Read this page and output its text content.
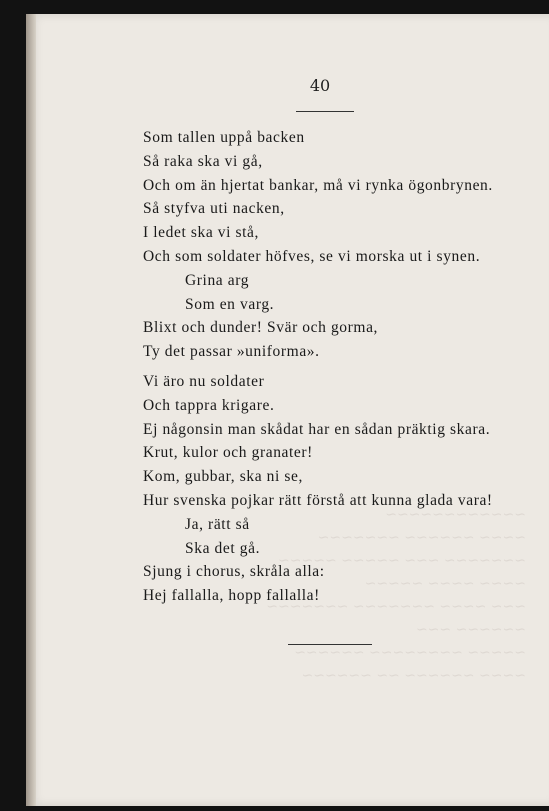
~~~~~~~~~~~~
~~~~ ~~~~~~ ~~~~~~~
~~~~~~~ ~~~ ~~~~~ ~~~~~
~~~~ ~~~~ ~~~~~
~~~ ~~~~ ~~~~~~~ ~~~~~~~
~~~~~~ ~~~
~~~~~ ~~~~~~~~ ~~~~~~
~~~~ ~~~~~~ ~~ ~~~~~~
40
Som tallen uppå backen
Så raka ska vi gå,
Och om än hjertat bankar, må vi rynka ögonbrynen.
Så styfva uti nacken,
I ledet ska vi stå,
Och som soldater höfves, se vi morska ut i synen.
Grina arg
Som en varg.
Blixt och dunder! Svär och gorma,
Ty det passar »uniforma».
Vi äro nu soldater
Och tappra krigare.
Ej någonsin man skådat har en sådan präktig skara.
Krut, kulor och granater!
Kom, gubbar, ska ni se,
Hur svenska pojkar rätt förstå att kunna glada vara!
Ja, rätt så
Ska det gå.
Sjung i chorus, skråla alla:
Hej fallalla, hopp fallalla!
